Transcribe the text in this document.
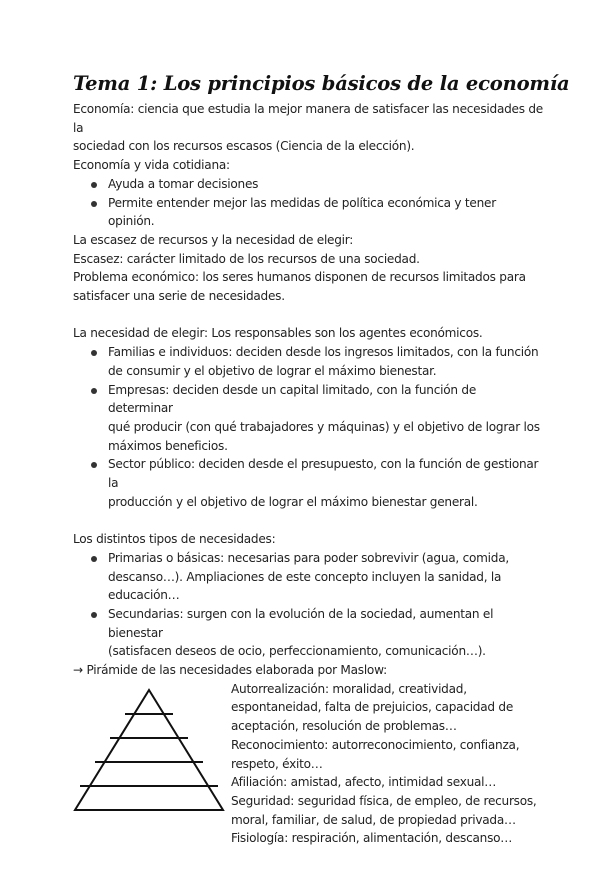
Tema 1: Los principios básicos de la economía

Economía: ciencia que estudia la mejor manera de satisfacer las necesidades de la

sociedad con los recursos escasos (Ciencia de la elección).

Economía y vida cotidiana:

Ayuda a tomar decisiones
Permite entender mejor las medidas de política económica y tener opinión.

La escasez de recursos y la necesidad de elegir:

Escasez: carácter limitado de los recursos de una sociedad.

Problema económico: los seres humanos disponen de recursos limitados para

satisfacer una serie de necesidades.

La necesidad de elegir: Los responsables son los agentes económicos.

Familias e individuos: deciden desde los ingresos limitados, con la función
de consumir y el objetivo de lograr el máximo bienestar.
Empresas: deciden desde un capital limitado, con la función de determinar
qué producir (con qué trabajadores y máquinas) y el objetivo de lograr los
máximos beneficios.
Sector público: deciden desde el presupuesto, con la función de gestionar la
producción y el objetivo de lograr el máximo bienestar general.

Los distintos tipos de necesidades:

Primarias o básicas: necesarias para poder sobrevivir (agua, comida,
descanso…). Ampliaciones de este concepto incluyen la sanidad, la
educación…
Secundarias: surgen con la evolución de la sociedad, aumentan el bienestar
(satisfacen deseos de ocio, perfeccionamiento, comunicación…).

→ Pirámide de las necesidades elaborada por Maslow:

Autorrealización: moralidad, creatividad,

espontaneidad, falta de prejuicios, capacidad de

aceptación, resolución de problemas…

Reconocimiento: autorreconocimiento, confianza,

respeto, éxito…

Afiliación: amistad, afecto, intimidad sexual…

Seguridad: seguridad física, de empleo, de recursos,

moral, familiar, de salud, de propiedad privada…

Fisiología: respiración, alimentación, descanso…
